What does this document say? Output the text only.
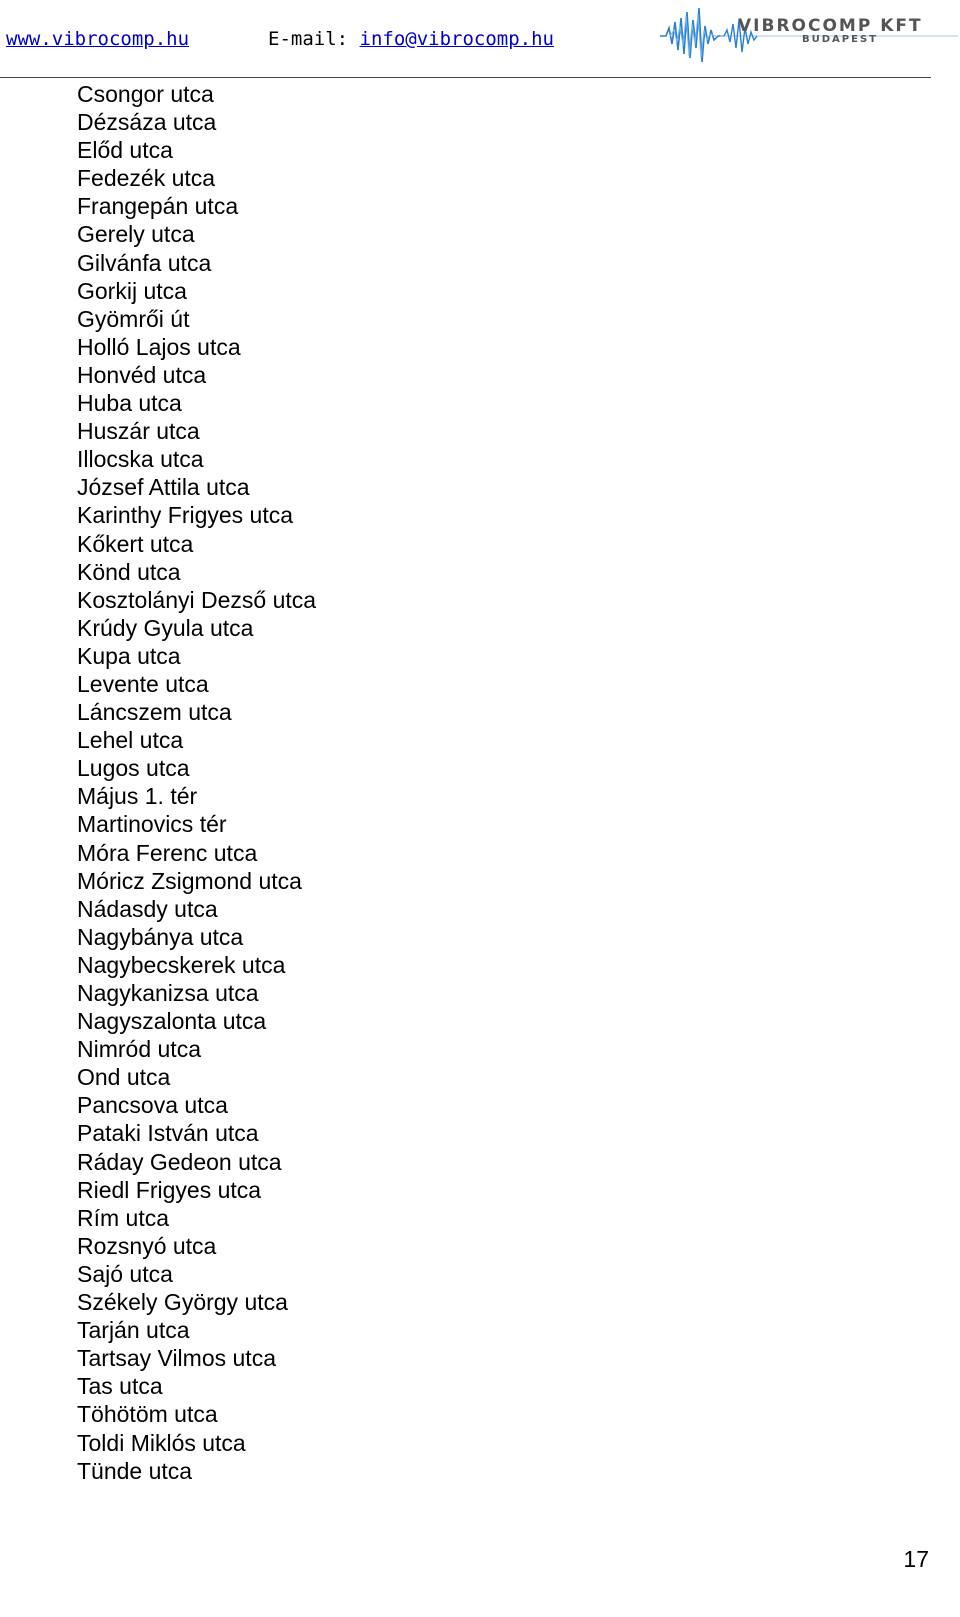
www.vibrocomp.hu	E-mail: info@vibrocomp.hu
VIBROCOMP KFT
BUDAPEST
Csongor utca
Dézsáza utca
Előd utca
Fedezék utca
Frangepán utca
Gerely utca
Gilvánfa utca
Gorkij utca
Gyömrői út
Holló Lajos utca
Honvéd utca
Huba utca
Huszár utca
Illocska utca
József Attila utca
Karinthy Frigyes utca
Kőkert utca
Könd utca
Kosztolányi Dezső utca
Krúdy Gyula utca
Kupa utca
Levente utca
Láncszem utca
Lehel utca
Lugos utca
Május 1. tér
Martinovics tér
Móra Ferenc utca
Móricz Zsigmond utca
Nádasdy utca
Nagybánya utca
Nagybecskerek utca
Nagykanizsa utca
Nagyszalonta utca
Nimród utca
Ond utca
Pancsova utca
Pataki István utca
Ráday Gedeon utca
Riedl Frigyes utca
Rím utca
Rozsnyó utca
Sajó utca
Székely György utca
Tarján utca
Tartsay Vilmos utca
Tas utca
Töhötöm utca
Toldi Miklós utca
Tünde utca
17
